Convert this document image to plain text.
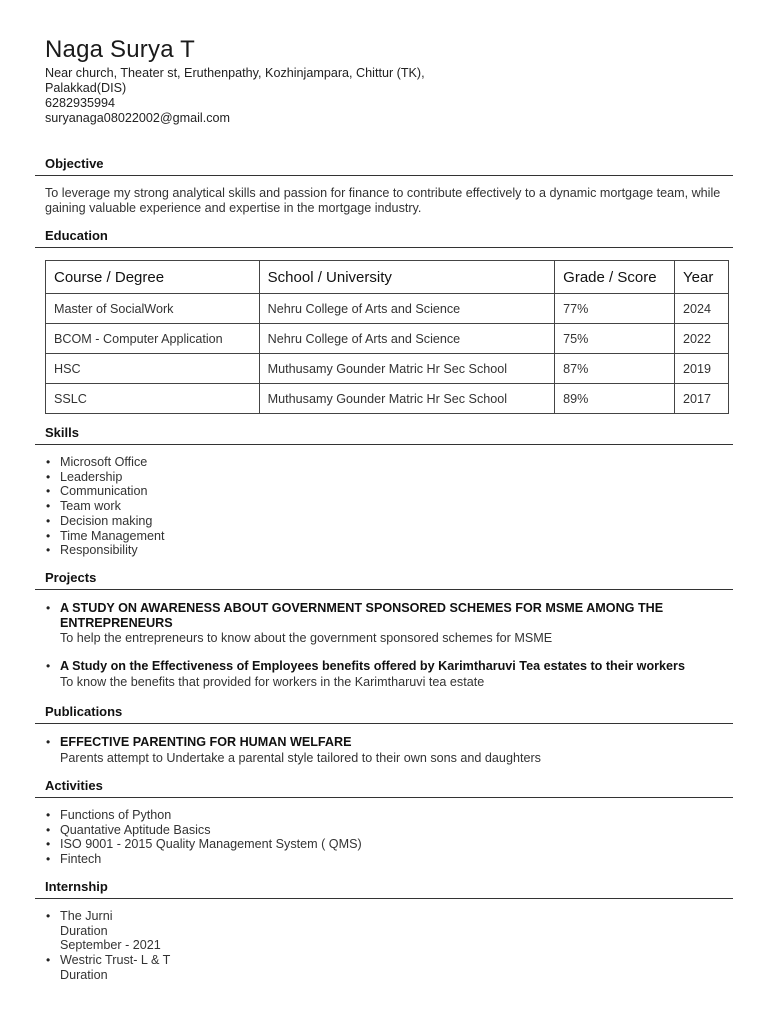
Naga Surya T
Near church, Theater st, Eruthenpathy, Kozhinjampara, Chittur (TK),
Palakkad(DIS)
6282935994
suryanaga08022002@gmail.com
Objective
To leverage my strong analytical skills and passion for finance to contribute effectively to a dynamic mortgage team, while gaining valuable experience and expertise in the mortgage industry.
Education
Course / Degree	School / University	Grade / Score	Year
Master of SocialWork	Nehru College of Arts and Science	77%	2024
BCOM - Computer Application	Nehru College of Arts and Science	75%	2022
HSC	Muthusamy Gounder Matric Hr Sec School	87%	2019
SSLC	Muthusamy Gounder Matric Hr Sec School	89%	2017
Skills
• Microsoft Office
• Leadership
• Communication
• Team work
• Decision making
• Time Management
• Responsibility
Projects
• A STUDY ON AWARENESS ABOUT GOVERNMENT SPONSORED SCHEMES FOR MSME AMONG THE ENTREPRENEURS
To help the entrepreneurs to know about the government sponsored schemes for MSME
• A Study on the Effectiveness of Employees benefits offered by Karimtharuvi Tea estates to their workers
To know the benefits that provided for workers in the Karimtharuvi tea estate
Publications
• EFFECTIVE PARENTING FOR HUMAN WELFARE
Parents attempt to Undertake a parental style tailored to their own sons and daughters
Activities
• Functions of Python
• Quantative Aptitude Basics
• ISO 9001 - 2015 Quality Management System ( QMS)
• Fintech
Internship
• The Jurni
Duration
September - 2021
• Westric Trust- L & T
Duration
